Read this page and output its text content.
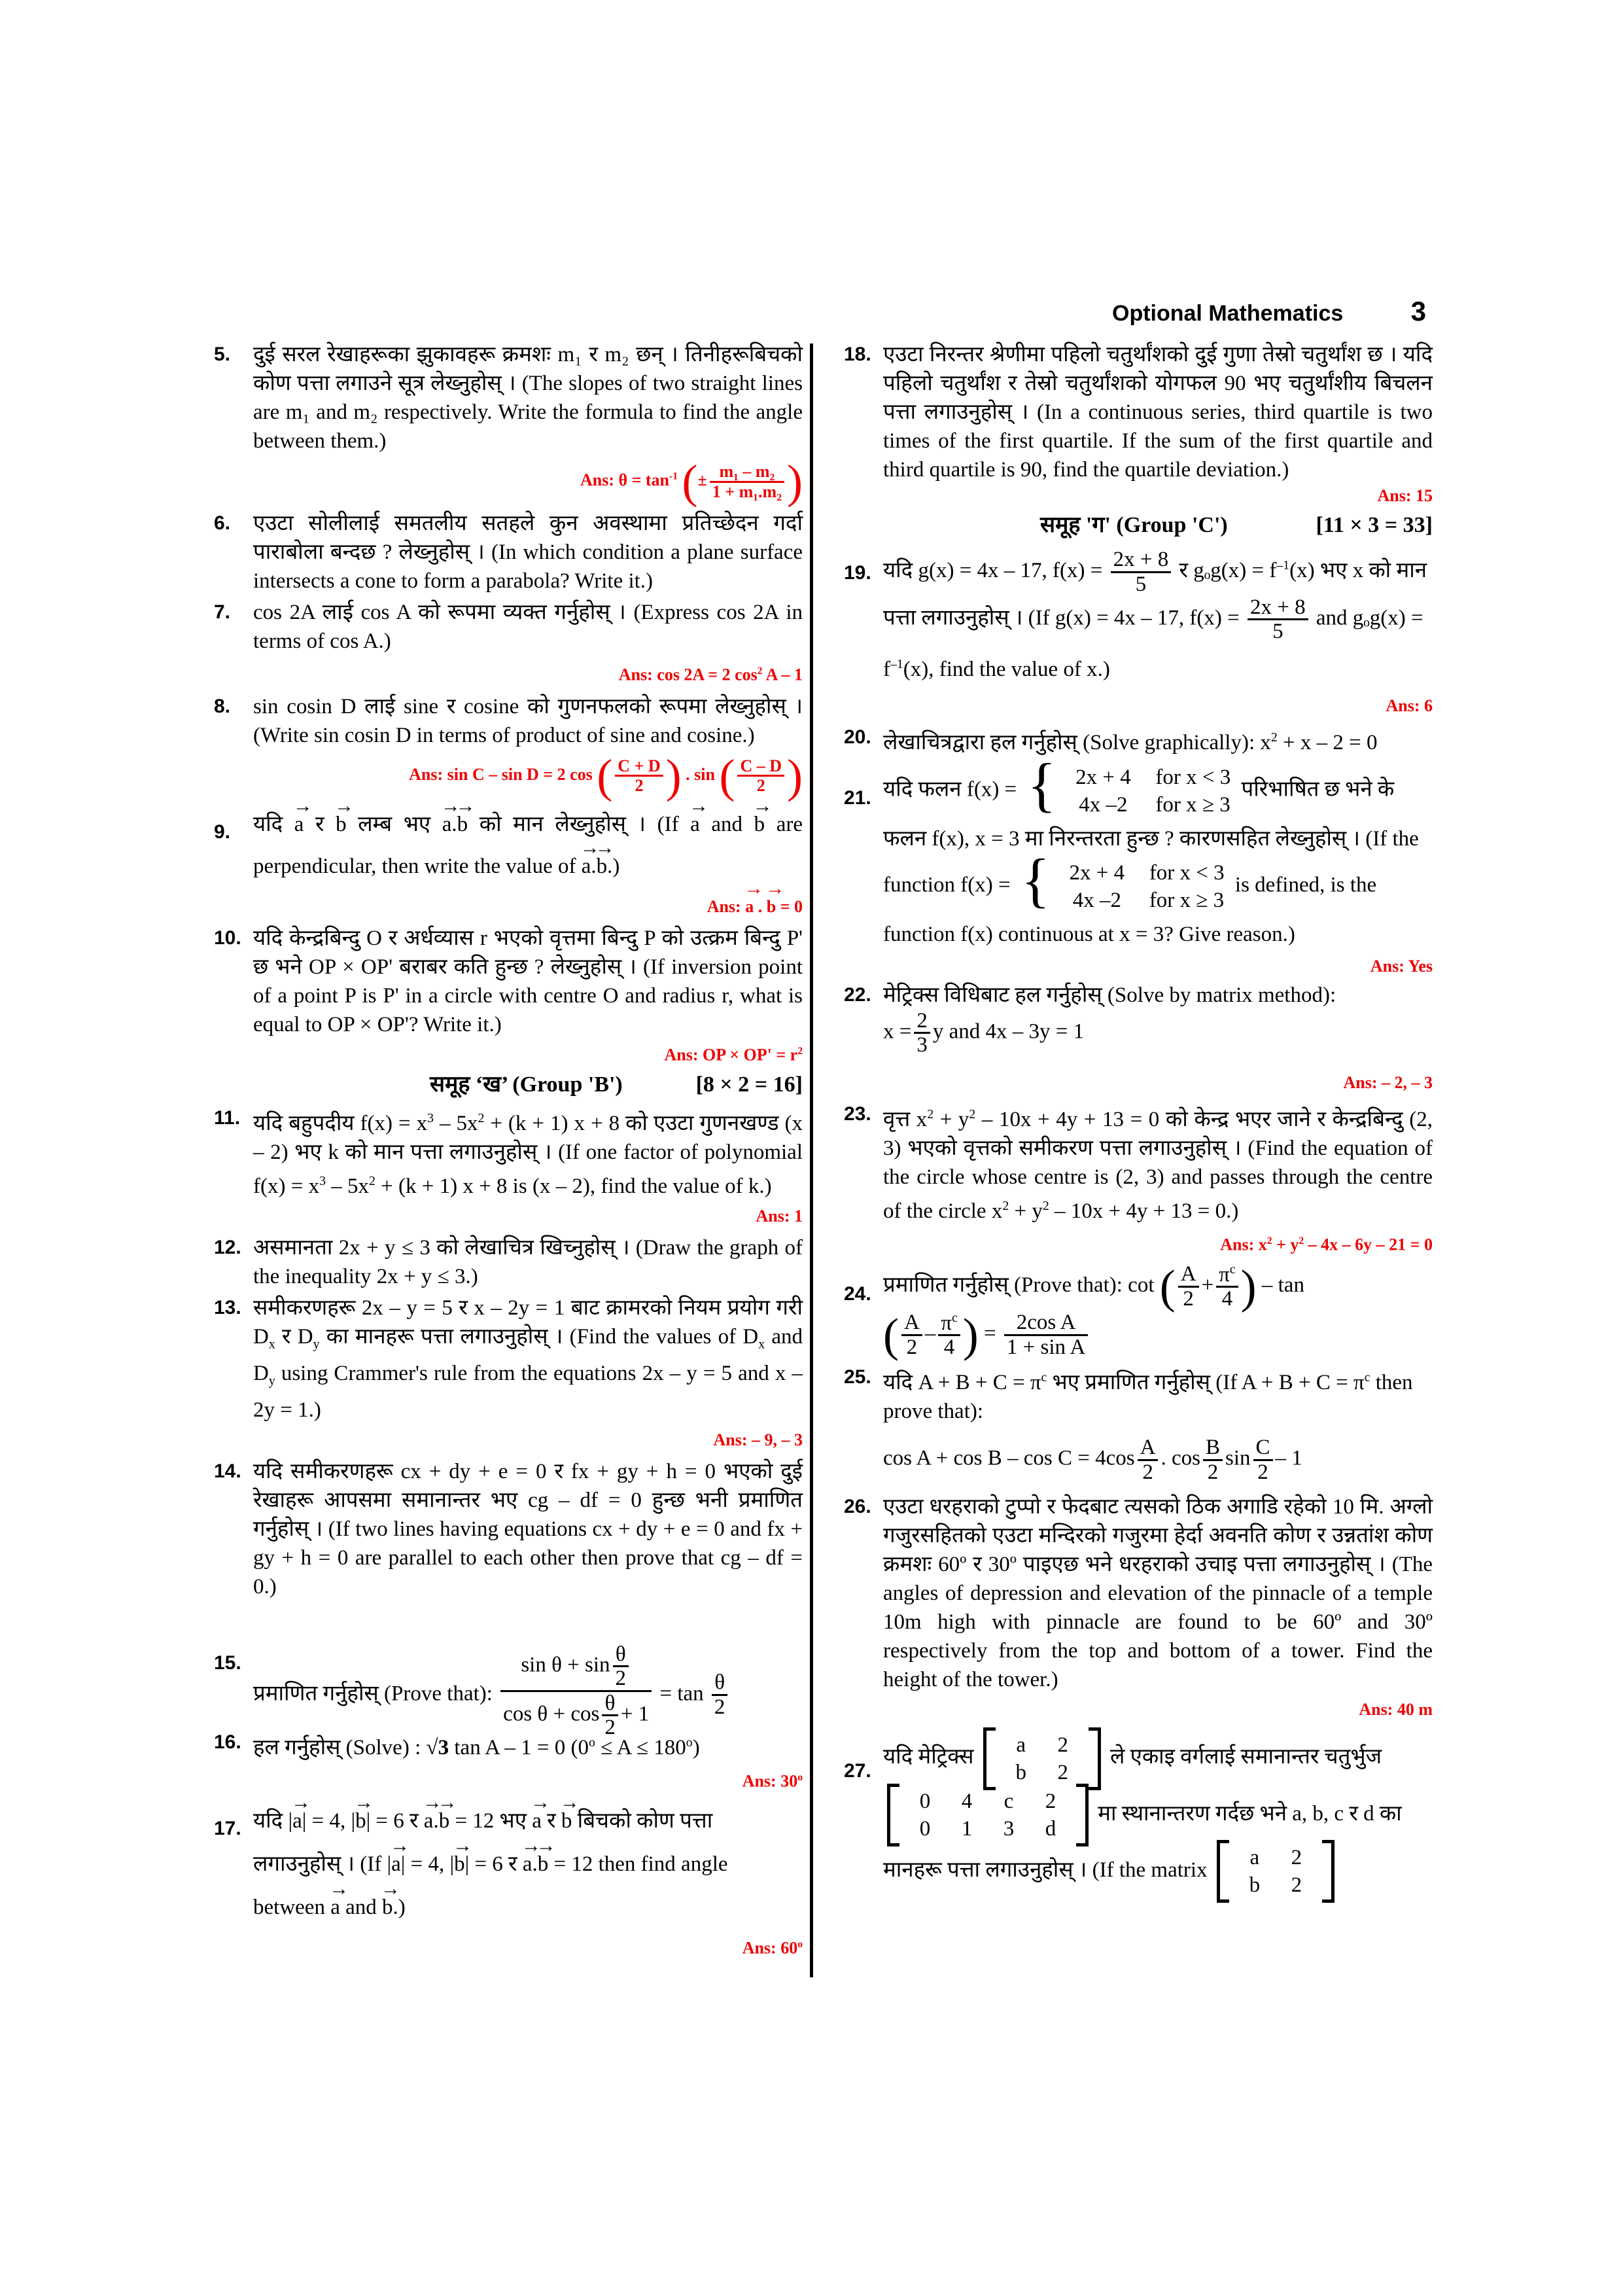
Optional Mathematics 3
5. दुई सरल रेखाहरूका झुकावहरू क्रमशः m₁ र m₂ छन् । तिनीहरूबिचको कोण पत्ता लगाउने सूत्र लेख्नुहोस् । (The slopes of two straight lines are m₁ and m₂ respectively. Write the formula to find the angle between them.)
Ans: $\theta = \tan^{-1}$ (± $\frac{\text{m₁ – m₂}}{\text{1 + m₁.m₂}}$ )
6. एउटा सोलीलाई समतलीय सतहले कुन अवस्थामा प्रतिच्छेदन गर्दा पाराबोला बन्दछ ? लेख्नुहोस् । (In which condition a plane surface intersects a cone to form a parabola? Write it.)
7. cos 2A लाई cos A को रूपमा व्यक्त गर्नुहोस् । (Express cos 2A in terms of cos A.)
Ans: cos 2A = 2 $\cos^2 A - 1$
8. sin cosin D लाई sine र cosine को गुणनफलको रूपमा लेख्नुहोस् । (Write sin cosin D in terms of product of sine and cosine.)
Ans: sin C – sin D = 2 cos ( $\frac{C + D}{2}$ ) . sin ( $\frac{C - D}{2}$ )
9. यदि → a र → b लम्ब भए → a.→ b को मान लेख्नुहोस् । (If → a and → b are perpendicular, then write the value of → a.→ b.)
Ans: → a . → b = 0
10. यदि केन्द्रबिन्दु O र अर्धव्यास r भएको वृत्तमा बिन्दु P को उत्क्रम बिन्दु P' छ भने OP × OP' बराबर कति हुन्छ ? लेख्नुहोस् । (If inversion point of a point P is P' in a circle with centre O and radius r, what is equal to OP × OP'? Write it.)
Ans: OP × $OP' = r^2$
समूह ‘ख’ (Group 'B')	[8 × 2 = 16]
11. यदि बहुपदीय $f(x) = x^3 - 5x^2 + (k + 1) x + 8$ को एउटा गुणनखण्ड (x – 2) भए k को मान पत्ता लगाउनुहोस् । (If one factor of polynomial $f(x) = x^3 - 5x^2 + (k + 1) x + 8$ is (x – 2), find the value of k.)
Ans: 1
12. असमानता 2x + y ≤ 3 को लेखाचित्र खिच्नुहोस् । (Draw the graph of the inequality 2x + y ≤ 3.)
13. समीकरणहरू 2x – y = 5 र x – 2y = 1 बाट क्रामरको नियम प्रयोग गरी $D_x$ र $D_y$ का मानहरू पत्ता लगाउनुहोस् । (Find the values of $D_x$ and $D_y$ using Crammer's rule from the equations 2x – y = 5 and x – 2y = 1.)
Ans: – 9, – 3
14. यदि समीकरणहरू cx + dy + e = 0 र fx + gy + h = 0 भएको दुई रेखाहरू आपसमा समानान्तर भए cg – df = 0 हुन्छ भनी प्रमाणित गर्नुहोस् । (If two lines having equations cx + dy + e = 0 and fx + gy + h = 0 are parallel to each other then prove that cg – df = 0.)
15.
प्रमाणित गर्नुहोस् (Prove that): $\frac{\sin \theta + \sin \frac{\theta}{2}}{\cos \theta + \cos \frac{\theta}{2} + 1} = \tan \frac{\theta}{2}$
16. हल गर्नुहोस् (Solve) : √3 tan A – 1 = 0 $(0^o \le A \le 180^o)$
Ans: 30$^o$
17. यदि |→ a| = 4, |→ b| = 6 र → a.→ b = 12 भए → a र → b बिचको कोण पत्ता लगाउनुहोस् । (If |→ a| = 4, |→ b| = 6 र → a.→ b = 12 then find angle between → a and → b.)
Ans: 60$^o$
18. एउटा निरन्तर श्रेणीमा पहिलो चतुर्थांशको दुई गुणा तेस्रो चतुर्थांश छ । यदि पहिलो चतुर्थांश र तेस्रो चतुर्थांशको योगफल 90 भए चतुर्थांशीय बिचलन पत्ता लगाउनुहोस् । (In a continuous series, third quartile is two times of the first quartile. If the sum of the first quartile and third quartile is 90, find the quartile deviation.)
Ans: 15
समूह 'ग' (Group 'C')	[11 × 3 = 33]
19. यदि g(x) = 4x – 17, $f(x) = \frac{2x + 8}{5}$ र $g_og(x) = f^{-1}(x)$ भए x को मान पत्ता लगाउनुहोस् । (If g(x) = 4x – 17, $f(x) = \frac{2x + 8}{5}$ and $g_og(x) = f^{-1}(x)$, find the value of x.)
Ans: 6
20. लेखाचित्रद्वारा हल गर्नुहोस् (Solve graphically): $x^2 + x - 2 = 0$
21. यदि फलन f(x) =
{ 2x + 4 for x < 3
4x –2 for x ≥ 3
परिभाषित छ भने के फलन f(x), x = 3 मा निरन्तरता हुन्छ ? कारणसहित लेख्नुहोस् । (If the function f(x) =
{ 2x + 4 for x < 3
4x –2 for x ≥ 3
is defined, is the function f(x) continuous at x = 3? Give reason.)
Ans: Yes
22. मेट्रिक्स विधिबाट हल गर्नुहोस् (Solve by matrix method):
$x = \frac{2}{3}$ y and 4x – 3y = 1
Ans: – 2, – 3
23. वृत्त $x^2 + y^2 - 10x + 4y + 13 = 0$ को केन्द्र भएर जाने र केन्द्रबिन्दु (2, 3) भएको वृत्तको समीकरण पत्ता लगाउनुहोस् । (Find the equation of the circle whose centre is (2, 3) and passes through the centre of the circle $x^2 + y^2 - 10x + 4y + 13 = 0$.)
Ans: $x^2 + y^2 - 4x - 6y - 21 = 0$
24. प्रमाणित गर्नुहोस् (Prove that): cot ( $\frac{A}{2} + \frac{\pi^c}{4}$ ) – tan
( $\frac{A}{2} - \frac{\pi^c}{4}$ ) = $\frac{\text{2cos A}}{\text{1 + sin A}}$
25. यदि $A + B + C = \pi^c$ भए प्रमाणित गर्नुहोस् (If $A + B + C = \pi^c$ then prove that):
$\cos A + \cos B - \cos C = 4\cos \frac{A}{2}$ . $\cos \frac{B}{2}$ $\sin \frac{C}{2} - 1$
26. एउटा धरहराको टुप्पो र फेदबाट त्यसको ठिक अगाडि रहेको 10 मि. अग्लो गजुरसहितको एउटा मन्दिरको गजुरमा हेर्दा अवनति कोण र उन्नतांश कोण क्रमशः 60º र 30º पाइएछ भने धरहराको उचाइ पत्ता लगाउनुहोस् । (The angles of depression and elevation of the pinnacle of a temple 10m high with pinnacle are found to be 60º and 30º respectively from the top and bottom of a tower. Find the height of the tower.)
Ans: 40 m
27.
यदि मेट्रिक्स
a 2
b 2
ले एकाइ वर्गलाई समानान्तर चतुर्भुज

0 4 c 2
0 1 3 d
मा स्थानान्तरण गर्दछ भने a, b, c र d का मानहरू पत्ता लगाउनुहोस् । (If the matrix
a 2
b 2
